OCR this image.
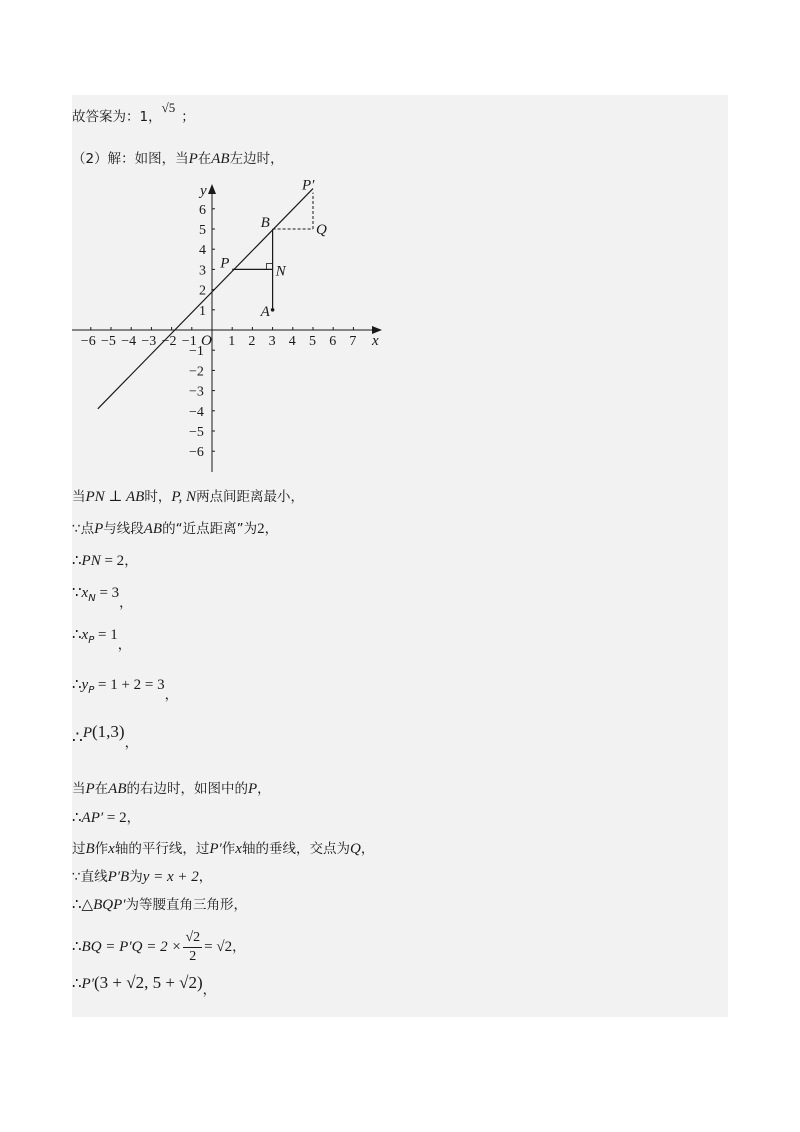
故答案为：1，√5；
（2）解：如图，当P在AB左边时，
x
y
−6 −5 −4 −3 −2 −1 1 2 3 4 5 6 7
O
1
2
3
4
5
6
−1
−2
−3
−4
−5
−6
A
B
P	N
Q
P′
当PN ⊥ AB时，P, N两点间距离最小，
∵点P与线段AB的“近点距离”为2，
∴PN = 2，
$\because x_N = 3$，
$\therefore x_P = 1$，
$\therefore y_P = 1 + 2 = 3$，
∴P(1,3)，
当P在AB的右边时，如图中的P，
∴AP′ = 2，
过B作x轴的平行线，过P′作x轴的垂线，交点为Q，
∵直线P′B为y = x + 2，
∴△BQP′为等腰直角三角形，
∴BQ = $P'Q = 2 \times \frac{√2}{2} = √2$，
∴P′(3 + √2, 5 + √2)，
